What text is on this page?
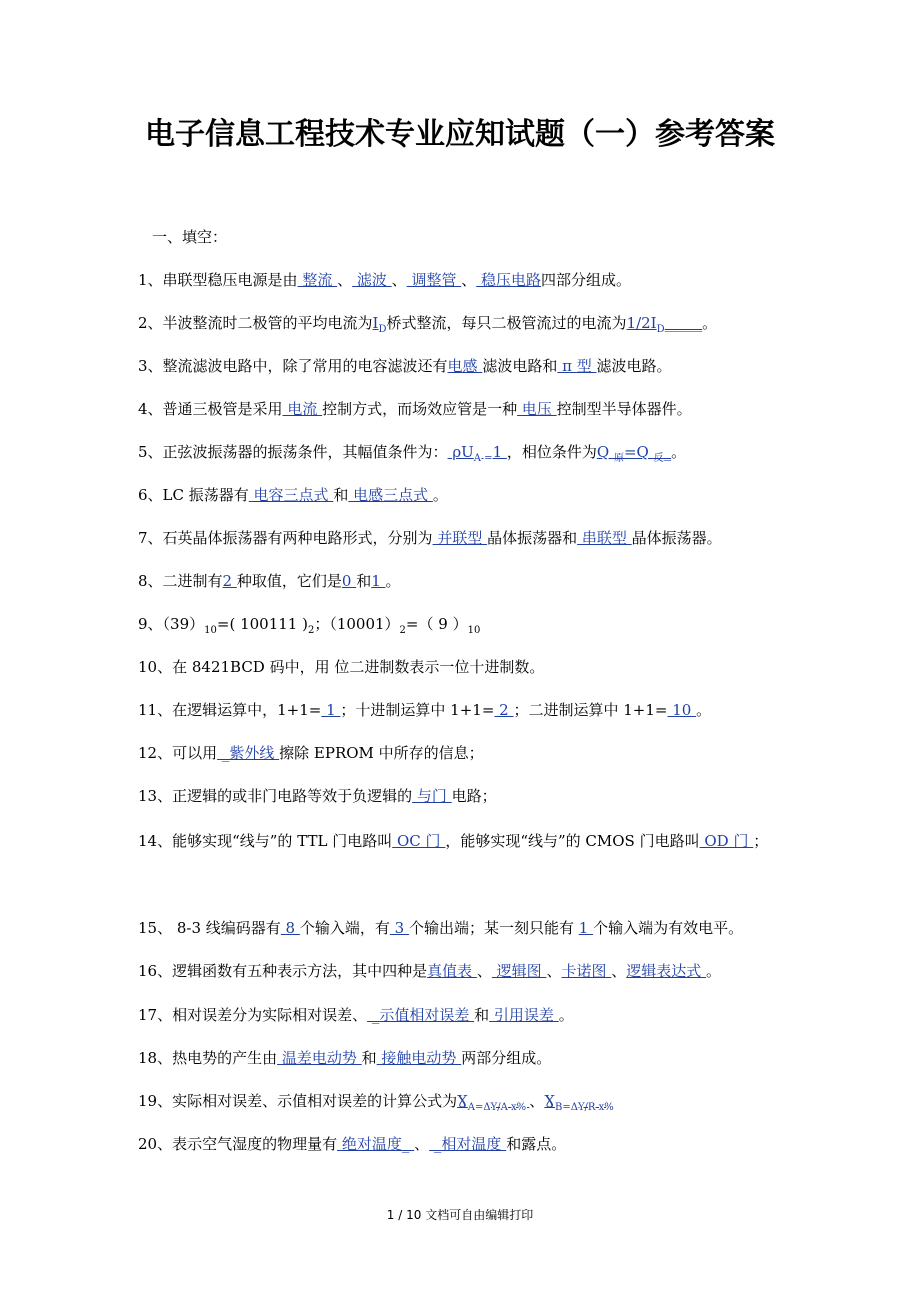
电子信息工程技术专业应知试题（一）参考答案
一、填空：
1、串联型稳压电源是由 整流 、 滤波 、 调整管 、 稳压电路四部分组成。
2、半波整流时二极管的平均电流为$I_D$桥式整流，每只二极管流过的电流为$1/2I_D\_\_\_\_\_$。
3、整流滤波电路中，除了常用的电容滤波还有电感 滤波电路和 π 型 滤波电路。
4、普通三极管是采用 电流 控制方式，而场效应管是一种 电压 控制型半导体器件。
5、正弦波振荡器的振荡条件，其幅值条件为： $\rho U_{A =}1$ ，相位条件为Q $_原$=Q $_反$_。
6、LC 振荡器有 电容三点式 和 电感三点式 。
7、石英晶体振荡器有两种电路形式，分别为 并联型 晶体振荡器和 串联型 晶体振荡器。
8、二进制有2 种取值，它们是0 和1 。
9、$(39)_{10}=$( 100111 )$_2$；$(10001)_2=$（ 9 ）$_{10}$
10、在 8421BCD 码中，用 位二进制数表示一位十进制数。
11、在逻辑运算中，1+1= 1 ；十进制运算中 1+1= 2 ；二进制运算中 1+1= 10 。
12、可以用 _紫外线 擦除 EPROM 中所存的信息；
13、正逻辑的或非门电路等效于负逻辑的 与门 电路；
14、能够实现“线与”的 TTL 门电路叫 OC 门 ，能够实现“线与”的 CMOS 门电路叫 OD 门 ；
15、 8-3 线编码器有 8 个输入端，有 3 个输出端；某一刻只能有 1 个输入端为有效电平。
16、逻辑函数有五种表示方法，其中四种是真值表 、 逻辑图 、卡诺图 、逻辑表达式 。
17、相对误差分为实际相对误差、 _示值相对误差 和 引用误差 。
18、热电势的产生由 温差电动势 和 接触电动势 两部分组成。
19、实际相对误差、示值相对误差的计算公式为$Ɣ_{A=\Delta Y/A x\%}$ 、$Ɣ_{B=\Delta Y/R x\%}$
20、表示空气湿度的物理量有 绝对温度_ 、 _相对温度 和露点。
1 / 10 文档可自由编辑打印
